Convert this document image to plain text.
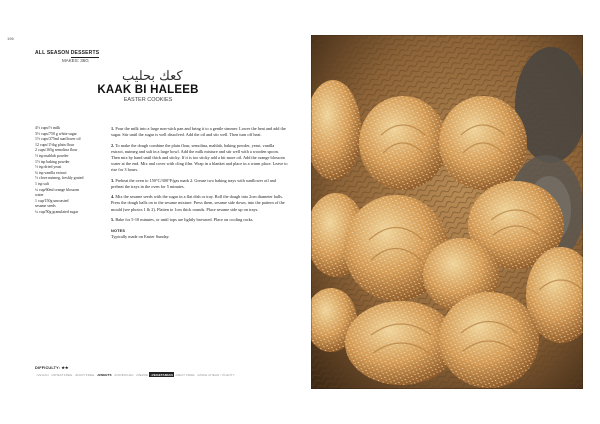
196
ALL SEASON DESSERTS
MAKES: 36G
كعك بحليب
KAAK BI HALEEB
EASTER COOKIES
4½ cups/½ milk
3½ cups/750 g white sugar
1½ cups/375ml sunflower oil
12 cups/1½kg plain flour
2 cups/165g semolina flour
½ tsp mahlab powder
1½ tsp baking powder
½ tsp dried yeast
¾ tsp vanilla extract
½ clove nutmeg, freshly grated
1 tsp salt
¼ cup/60ml orange blossom
water
1 cup/150g unroasted
sesame seeds
¼ cup/50g granulated sugar

1. Pour the milk into a large non-stick pan and bring it to a gentle simmer. Lower the heat and add the sugar. Stir until the sugar is well dissolved. Add the oil and stir well. Then turn off heat.

2. To make the dough combine the plain flour, semolina, mahlab, baking powder, yeast, vanilla extract, nutmeg and salt in a large bowl. Add the milk mixture and stir well with a wooden spoon. Then mix by hand until thick and sticky. If it is too sticky add a bit more oil. Add the orange blossom water at the end. Mix and cover with cling film. Wrap in a blanket and place in a warm place. Leave to rise for 3 hours.

3. Preheat the oven to 150°C/300°F/gas mark 2. Grease two baking trays with sunflower oil and preheat the trays in the oven for 5 minutes.

4. Mix the sesame seeds with the sugar in a flat dish or tray. Roll the dough into 2cm diameter balls. Press the dough balls on to the sesame mixture. Press them, sesame side down, into the pattern of the mould (see photos 1 & 2). Flatten to 1cm thick rounds. Place sesame side up on trays.

5. Bake for 5-10 minutes, or until tops are lightly browned. Place on cooling racks.

NOTES
Typically made on Easter Sunday.
DIFFICULTY: ★★
•VEGAN •WHEATFREE •DAIRYFREE •SWEETS •PARBOILED •MEZZE •VEGETARIAN •MEAT FREE •MAKE AHEAD / PLENTY
